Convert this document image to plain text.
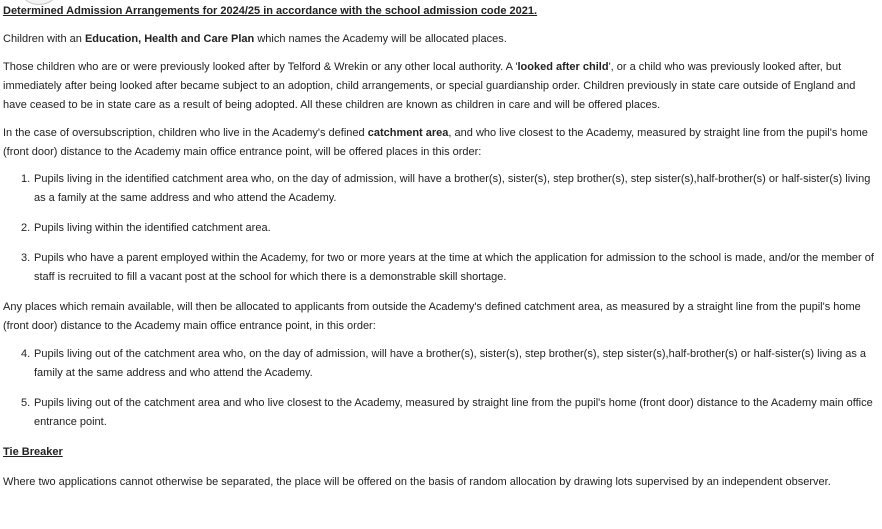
Determined Admission Arrangements for 2024/25 in accordance with the school admission code 2021.

Children with an Education, Health and Care Plan which names the Academy will be allocated places.

Those children who are or were previously looked after by Telford & Wrekin or any other local authority. A 'looked after child', or a child who was previously looked after, but immediately after being looked after became subject to an adoption, child arrangements, or special guardianship order. Children previously in state care outside of England and have ceased to be in state care as a result of being adopted. All these children are known as children in care and will be offered places.

In the case of oversubscription, children who live in the Academy's defined catchment area, and who live closest to the Academy, measured by straight line from the pupil's home (front door) distance to the Academy main office entrance point, will be offered places in this order:

1. Pupils living in the identified catchment area who, on the day of admission, will have a brother(s), sister(s), step brother(s), step sister(s),half-brother(s) or half-sister(s) living as a family at the same address and who attend the Academy.
2. Pupils living within the identified catchment area.
3. Pupils who have a parent employed within the Academy, for two or more years at the time at which the application for admission to the school is made, and/or the member of staff is recruited to fill a vacant post at the school for which there is a demonstrable skill shortage.

Any places which remain available, will then be allocated to applicants from outside the Academy's defined catchment area, as measured by a straight line from the pupil's home (front door) distance to the Academy main office entrance point, in this order:

4. Pupils living out of the catchment area who, on the day of admission, will have a brother(s), sister(s), step brother(s), step sister(s),half-brother(s) or half-sister(s) living as a family at the same address and who attend the Academy.
5. Pupils living out of the catchment area and who live closest to the Academy, measured by straight line from the pupil's home (front door) distance to the Academy main office entrance point.

Tie Breaker

Where two applications cannot otherwise be separated, the place will be offered on the basis of random allocation by drawing lots supervised by an independent observer.
